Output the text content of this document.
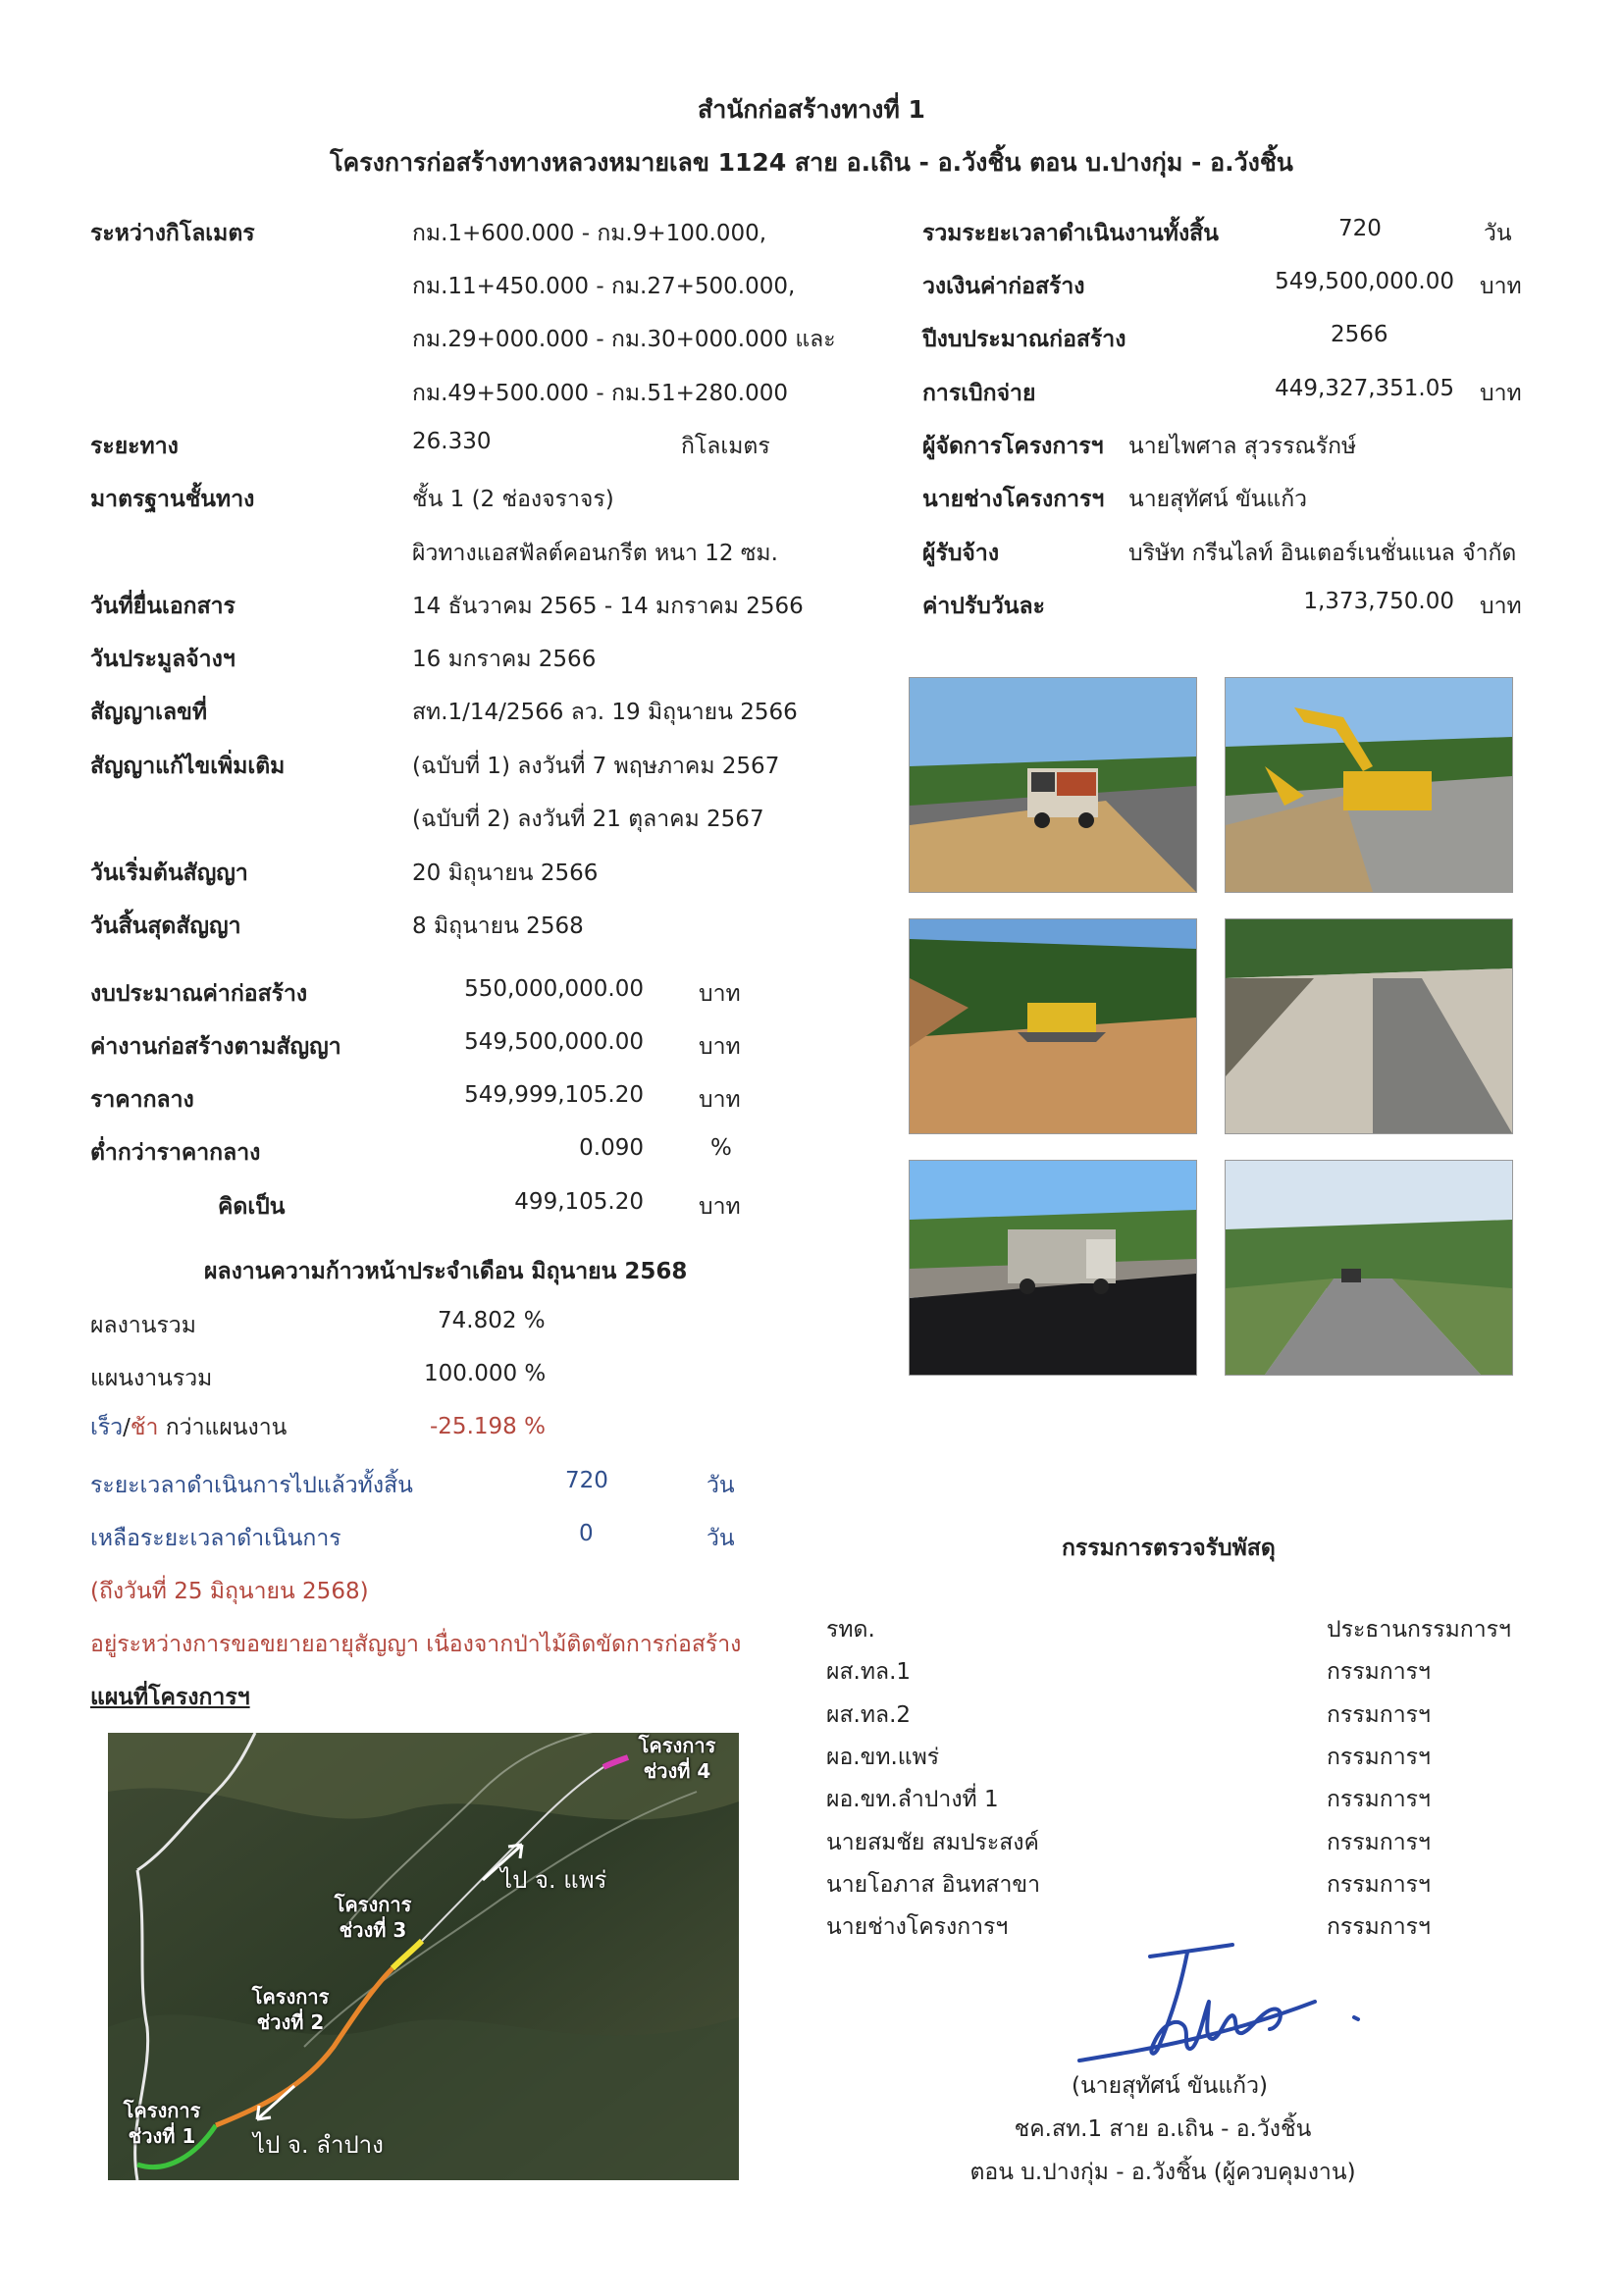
สำนักก่อสร้างทางที่ 1
โครงการก่อสร้างทางหลวงหมายเลข 1124 สาย อ.เถิน - อ.วังชิ้น ตอน บ.ปางกุ่ม - อ.วังชิ้น
ระหว่างกิโลเมตร	กม.1+600.000 - กม.9+100.000,
กม.11+450.000 - กม.27+500.000,
กม.29+000.000 - กม.30+000.000 และ
กม.49+500.000 - กม.51+280.000
ระยะทาง	26.330	กิโลเมตร
มาตรฐานชั้นทาง	ชั้น 1 (2 ช่องจราจร)
ผิวทางแอสฟัลต์คอนกรีต หนา 12 ซม.
วันที่ยื่นเอกสาร	14 ธันวาคม 2565 - 14 มกราคม 2566
วันประมูลจ้างฯ	16 มกราคม 2566
สัญญาเลขที่	สท.1/14/2566 ลว. 19 มิถุนายน 2566
สัญญาแก้ไขเพิ่มเติม	(ฉบับที่ 1) ลงวันที่ 7 พฤษภาคม 2567
(ฉบับที่ 2) ลงวันที่ 21 ตุลาคม 2567
วันเริ่มต้นสัญญา	20 มิถุนายน 2566
วันสิ้นสุดสัญญา	8 มิถุนายน 2568
งบประมาณค่าก่อสร้าง	550,000,000.00 บาท
ค่างานก่อสร้างตามสัญญา	549,500,000.00 บาท
ราคากลาง	549,999,105.20 บาท
ต่ำกว่าราคากลาง	0.090	%
คิดเป็น	499,105.20 บาท
ผลงานความก้าวหน้าประจำเดือน มิถุนายน 2568
ผลงานรวม	74.802 %
แผนงานรวม	100.000 %
เร็ว/ช้า กว่าแผนงาน	-25.198 %
ระยะเวลาดำเนินการไปแล้วทั้งสิ้น	720	วัน
เหลือระยะเวลาดำเนินการ	0	วัน
(ถึงวันที่ 25 มิถุนายน 2568)
อยู่ระหว่างการขอขยายอายุสัญญา เนื่องจากป่าไม้ติดขัดการก่อสร้าง
แผนที่โครงการฯ
โครงการ
ช่วงที่ 1
โครงการ
ช่วงที่ 2
โครงการ
ช่วงที่ 3
โครงการ
ช่วงที่ 4
ไป จ. แพร่
ไป จ. ลำปาง
รวมระยะเวลาดำเนินงานทั้งสิ้น	720	วัน
วงเงินค่าก่อสร้าง	549,500,000.00 บาท
ปีงบประมาณก่อสร้าง	2566
การเบิกจ่าย	449,327,351.05 บาท
ผู้จัดการโครงการฯ นายไพศาล สุวรรณรักษ์
นายช่างโครงการฯ นายสุทัศน์ ขันแก้ว
ผู้รับจ้าง	บริษัท กรีนไลท์ อินเตอร์เนชั่นแนล จำกัด
ค่าปรับวันละ	1,373,750.00 บาท
กรรมการตรวจรับพัสดุ
รทด.	ประธานกรรมการฯ
ผส.ทล.1	กรรมการฯ
ผส.ทล.2	กรรมการฯ
ผอ.ขท.แพร่	กรรมการฯ
ผอ.ขท.ลำปางที่ 1	กรรมการฯ
นายสมชัย สมประสงค์	กรรมการฯ
นายโอภาส อินทสาขา	กรรมการฯ
นายช่างโครงการฯ	กรรมการฯ
(นายสุทัศน์ ขันแก้ว)
ชค.สท.1 สาย อ.เถิน - อ.วังชิ้น
ตอน บ.ปางกุ่ม - อ.วังชิ้น (ผู้ควบคุมงาน)
